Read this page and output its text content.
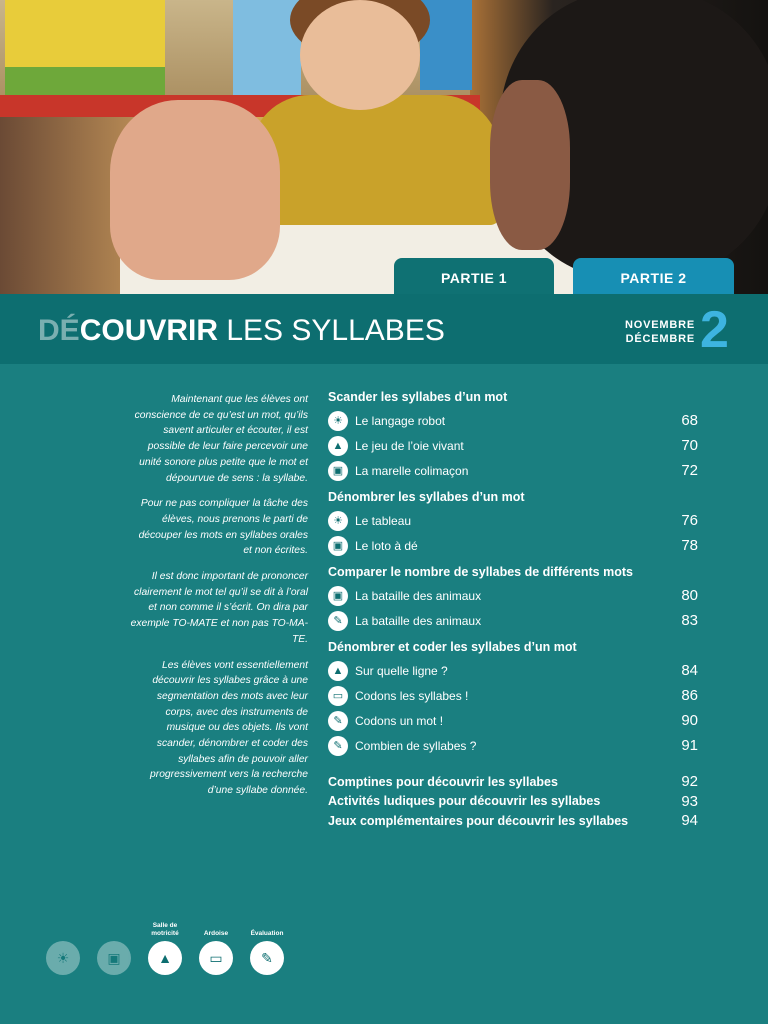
PARTIE 1	PARTIE 2
DÉCOUVRIR LES SYLLABES	NOVEMBRE
DÉCEMBRE 2

Maintenant que les élèves ont conscience de ce qu’est un mot, qu’ils savent articuler et écouter, il est possible de leur faire percevoir une unité sonore plus petite que le mot et dépourvue de sens : la syllabe.

Pour ne pas compliquer la tâche des élèves, nous prenons le parti de découper les mots en syllabes orales et non écrites.

Il est donc important de prononcer clairement le mot tel qu’il se dit à l’oral et non comme il s’écrit. On dira par exemple TO-MATE et non pas TO-MA-TE.

Les élèves vont essentiellement découvrir les syllabes grâce à une segmentation des mots avec leur corps, avec des instruments de musique ou des objets. Ils vont scander, dénombrer et coder des syllabes afin de pouvoir aller progressivement vers la recherche d’une syllabe donnée.

Scander les syllabes d’un mot
☀	Le langage robot	68
▲ Le jeu de l’oie vivant	70
▣ La marelle colimaçon	72
Dénombrer les syllabes d’un mot
☀	Le tableau	76
▣ Le loto à dé	78
Comparer le nombre de syllabes de différents mots
▣ La bataille des animaux	80
✎	La bataille des animaux	83
Dénombrer et coder les syllabes d’un mot
▲ Sur quelle ligne ?	84
▭ Codons les syllabes !	86
✎	Codons un mot !	90
✎	Combien de syllabes ?	91
Comptines pour découvrir les syllabes	92
Activités ludiques pour découvrir les syllabes	93
Jeux complémentaires pour découvrir les syllabes	94
☀	▣
Salle de motricité
▲
Ardoise
▭
Évaluation
✎
